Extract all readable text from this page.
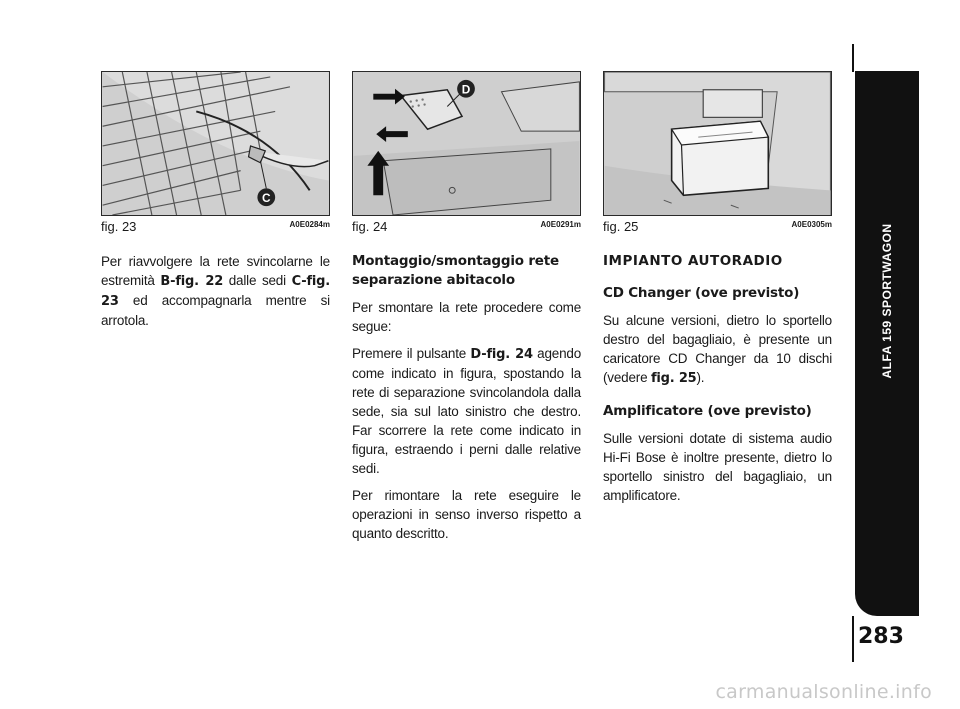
C
fig. 23	A0E0284m
D
fig. 24	A0E0291m fig. 25	A0E0305m

Per riavvolgere la rete svincolarne le estremità B-fig. 22 dalle sedi C-fig. 23 ed accompagnarla mentre si arrotola.

Montaggio/smontaggio rete separazione abitacolo

Per smontare la rete procedere come segue:

Premere il pulsante D-fig. 24 agendo come indicato in figura, spostando la rete di separazione svincolandola dalla sede, sia sul lato sinistro che destro. Far scorrere la rete come indicato in figura, estraendo i perni dalle relative sedi.

Per rimontare la rete eseguire le operazioni in senso inverso rispetto a quanto descritto.

IMPIANTO AUTORADIO
CD Changer (ove previsto)

Su alcune versioni, dietro lo sportello destro del bagagliaio, è presente un caricatore CD Changer da 10 dischi (vedere fig. 25).

Amplificatore (ove previsto)

Sulle versioni dotate di sistema audio Hi-Fi Bose è inoltre presente, dietro lo sportello sinistro del bagagliaio, un amplificatore.

ALFA 159 SPORTWAGON
283
carmanualsonline.info
